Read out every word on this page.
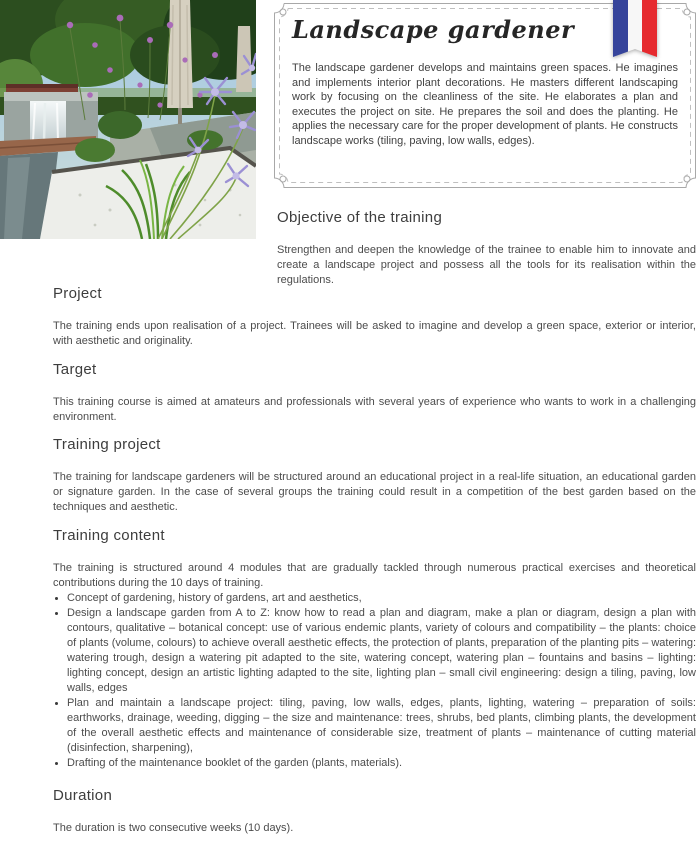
Landscape gardener
The landscape gardener develops and maintains green spaces. He imagines and implements interior plant decorations. He masters different landscaping work by focusing on the cleanliness of the site. He elaborates a plan and executes the project on site. He prepares the soil and does the planting. He applies the necessary care for the proper development of plants. He constructs landscape works (tiling, paving, low walls, edges).
Objective of the training

Strengthen and deepen the knowledge of the trainee to enable him to innovate and create a landscape project and possess all the tools for its realisation within the regulations.

Project

The training ends upon realisation of a project. Trainees will be asked to imagine and develop a green space, exterior or interior, with aesthetic and originality.

Target

This training course is aimed at amateurs and professionals with several years of experience who wants to work in a challenging environment.

Training project

The training for landscape gardeners will be structured around an educational project in a real-life situation, an educational garden or signature garden. In the case of several groups the training could result in a competition of the best garden based on the techniques and aesthetic.

Training content

The training is structured around 4 modules that are gradually tackled through numerous practical exercises and theoretical contributions during the 10 days of training.

• Concept of gardening, history of gardens, art and aesthetics,
• Design a landscape garden from A to Z: know how to read a plan and diagram, make a plan or diagram, design a plan with contours, qualitative – botanical concept: use of various endemic plants, variety of colours and compatibility – the plants: choice of plants (volume, colours) to achieve overall aesthetic effects, the protection of plants, preparation of the planting pits – watering: watering trough, design a watering pit adapted to the site, watering concept, watering plan – fountains and basins – lighting: lighting concept, design an artistic lighting adapted to the site, lighting plan – small civil engineering: design a tiling, paving, low walls, edges
• Plan and maintain a landscape project: tiling, paving, low walls, edges, plants, lighting, watering – preparation of soils: earthworks, drainage, weeding, digging – the size and maintenance: trees, shrubs, bed plants, climbing plants, the development of the overall aesthetic effects and maintenance of considerable size, treatment of plants – maintenance of cutting material (disinfection, sharpening),
• Drafting of the maintenance booklet of the garden (plants, materials).
Duration

The duration is two consecutive weeks (10 days).
